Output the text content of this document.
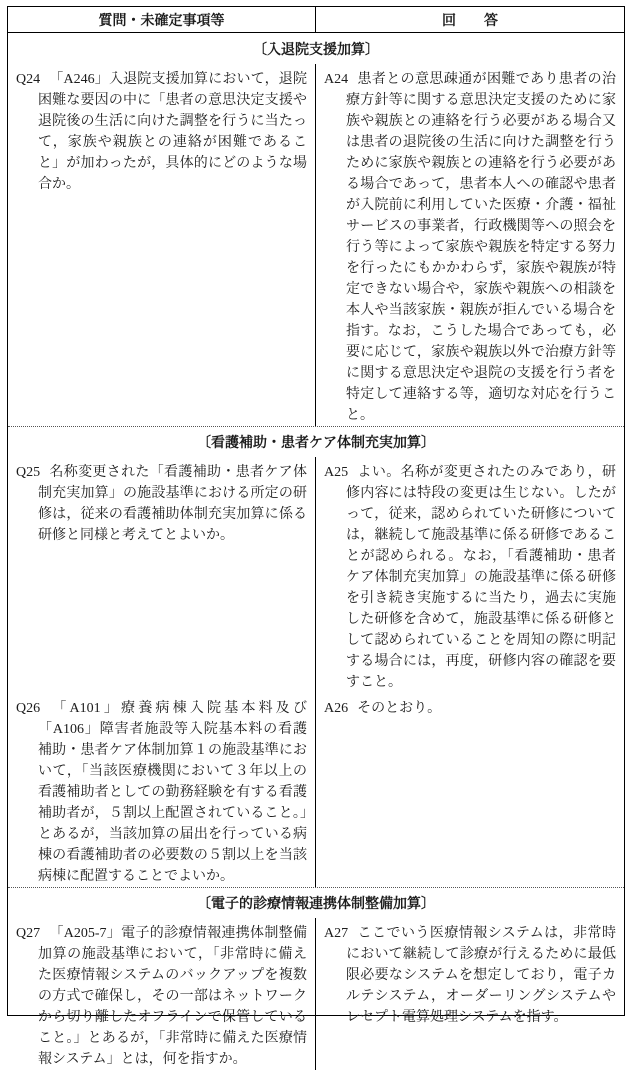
質問・未確定事項等	回　　答
〔入退院支援加算〕

Q24 「A246」入退院支援加算において，退院困難な要因の中に「患者の意思決定支援や退院後の生活に向けた調整を行うに当たって，家族や親族との連絡が困難であること」が加わったが，具体的にどのような場合か。

A24 患者との意思疎通が困難であり患者の治療方針等に関する意思決定支援のために家族や親族との連絡を行う必要がある場合又は患者の退院後の生活に向けた調整を行うために家族や親族との連絡を行う必要がある場合であって，患者本人への確認や患者が入院前に利用していた医療・介護・福祉サービスの事業者，行政機関等への照会を行う等によって家族や親族を特定する努力を行ったにもかかわらず，家族や親族が特定できない場合や，家族や親族への相談を本人や当該家族・親族が拒んでいる場合を指す。なお，こうした場合であっても，必要に応じて，家族や親族以外で治療方針等に関する意思決定や退院の支援を行う者を特定して連絡する等，適切な対応を行うこと。

〔看護補助・患者ケア体制充実加算〕

Q25 名称変更された「看護補助・患者ケア体制充実加算」の施設基準における所定の研修は，従来の看護補助体制充実加算に係る研修と同様と考えてとよいか。

A25 よい。名称が変更されたのみであり，研修内容には特段の変更は生じない。したがって，従来，認められていた研修については，継続して施設基準に係る研修であることが認められる。なお，「看護補助・患者ケア体制充実加算」の施設基準に係る研修を引き続き実施するに当たり，過去に実施した研修を含めて，施設基準に係る研修として認められていることを周知の際に明記する場合には，再度，研修内容の確認を要すこと。

Q26 「A101」療養病棟入院基本料及び「A106」障害者施設等入院基本料の看護補助・患者ケア体制加算１の施設基準において，「当該医療機関において３年以上の看護補助者としての勤務経験を有する看護補助者が，５割以上配置されていること。」とあるが，当該加算の届出を行っている病棟の看護補助者の必要数の５割以上を当該病棟に配置することでよいか。

A26 そのとおり。

〔電子的診療情報連携体制整備加算〕

Q27 「A205-7」電子的診療情報連携体制整備加算の施設基準において，「非常時に備えた医療情報システムのバックアップを複数の方式で確保し，その一部はネットワークから切り離したオフラインで保管していること。」とあるが，「非常時に備えた医療情報システム」とは，何を指すか。

A27 ここでいう医療情報システムは，非常時において継続して診療が行えるために最低限必要なシステムを想定しており，電子カルテシステム，オーダーリングシステムやレセプト電算処理システムを指す。
